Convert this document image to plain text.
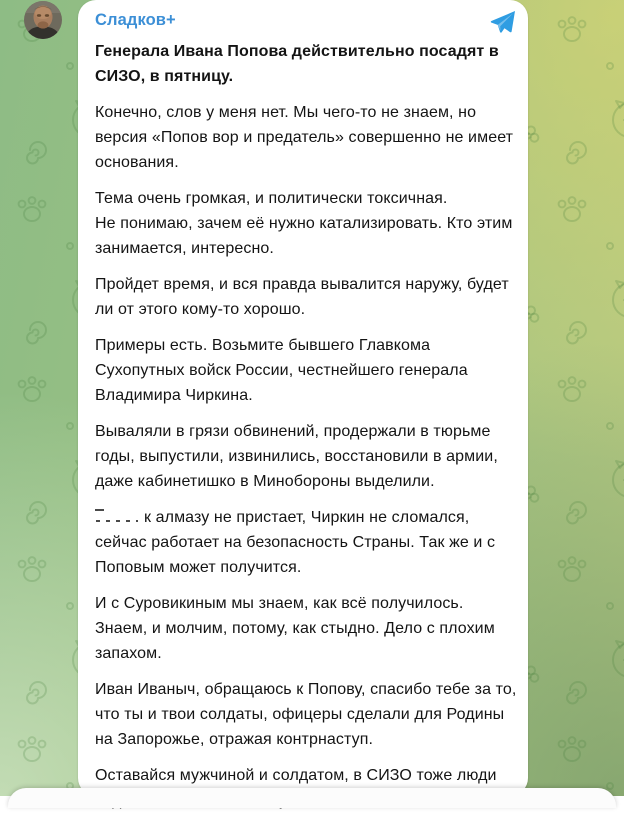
Сладков+
Генерала Ивана Попова действительно посадят в
СИЗО, в пятницу.
Конечно, слов у меня нет. Мы чего-то не знаем, но
версия «Попов вор и предатель» совершенно не имеет
основания.
Тема очень громкая, и политически токсичная.
Не понимаю, зачем её нужно катализировать. Кто этим
занимается, интересно.
Пройдет время, и вся правда вывалится наружу, будет
ли от этого кому-то хорошо.
Примеры есть. Возьмите бывшего Главкома
Сухопутных войск России, честнейшего генерала
Владимира Чиркина.
Вываляли в грязи обвинений, продержали в тюрьме
годы, выпустили, извинились, восстановили в армии,
даже кабинетишко в Минобороны выделили.
к алмазу не пристает, Чиркин не сломался,
сейчас работает на безопасность Страны. Так же и с
Поповым может получится.
И с Суровикиным мы знаем, как всё получилось.
Знаем, и молчим, потому, как стыдно. Дело с плохим
запахом.
Иван Иваныч, обращаюсь к Попову, спасибо тебе за то,
что ты и твои солдаты, офицеры сделали для Родины
на Запорожье, отражая контрнаступ.
Оставайся мужчиной и солдатом, в СИЗО тоже люди
